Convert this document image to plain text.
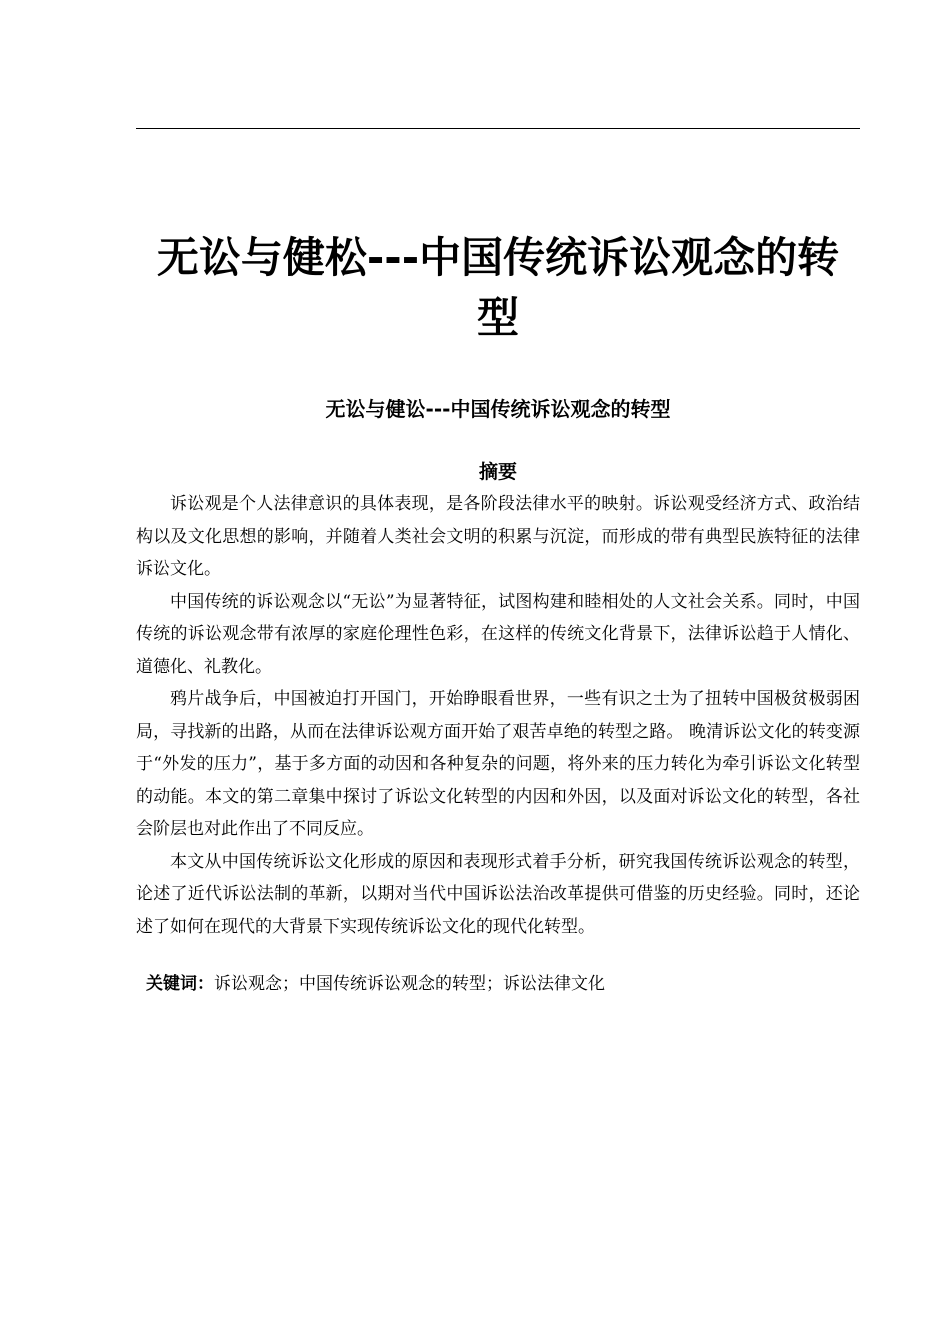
无讼与健松---中国传统诉讼观念的转型
无讼与健讼---中国传统诉讼观念的转型
摘要

诉讼观是个人法律意识的具体表现，是各阶段法律水平的映射。诉讼观受经济方式、政治结构以及文化思想的影响，并随着人类社会文明的积累与沉淀，而形成的带有典型民族特征的法律诉讼文化。

中国传统的诉讼观念以“无讼”为显著特征，试图构建和睦相处的人文社会关系。同时，中国传统的诉讼观念带有浓厚的家庭伦理性色彩，在这样的传统文化背景下，法律诉讼趋于人情化、道德化、礼教化。

鸦片战争后，中国被迫打开国门，开始睁眼看世界，一些有识之士为了扭转中国极贫极弱困局，寻找新的出路，从而在法律诉讼观方面开始了艰苦卓绝的转型之路。 晚清诉讼文化的转变源于“外发的压力”，基于多方面的动因和各种复杂的问题，将外来的压力转化为牵引诉讼文化转型的动能。本文的第二章集中探讨了诉讼文化转型的内因和外因，以及面对诉讼文化的转型，各社会阶层也对此作出了不同反应。

本文从中国传统诉讼文化形成的原因和表现形式着手分析，研究我国传统诉讼观念的转型，论述了近代诉讼法制的革新，以期对当代中国诉讼法治改革提供可借鉴的历史经验。同时，还论述了如何在现代的大背景下实现传统诉讼文化的现代化转型。

关键词：诉讼观念；中国传统诉讼观念的转型；诉讼法律文化
